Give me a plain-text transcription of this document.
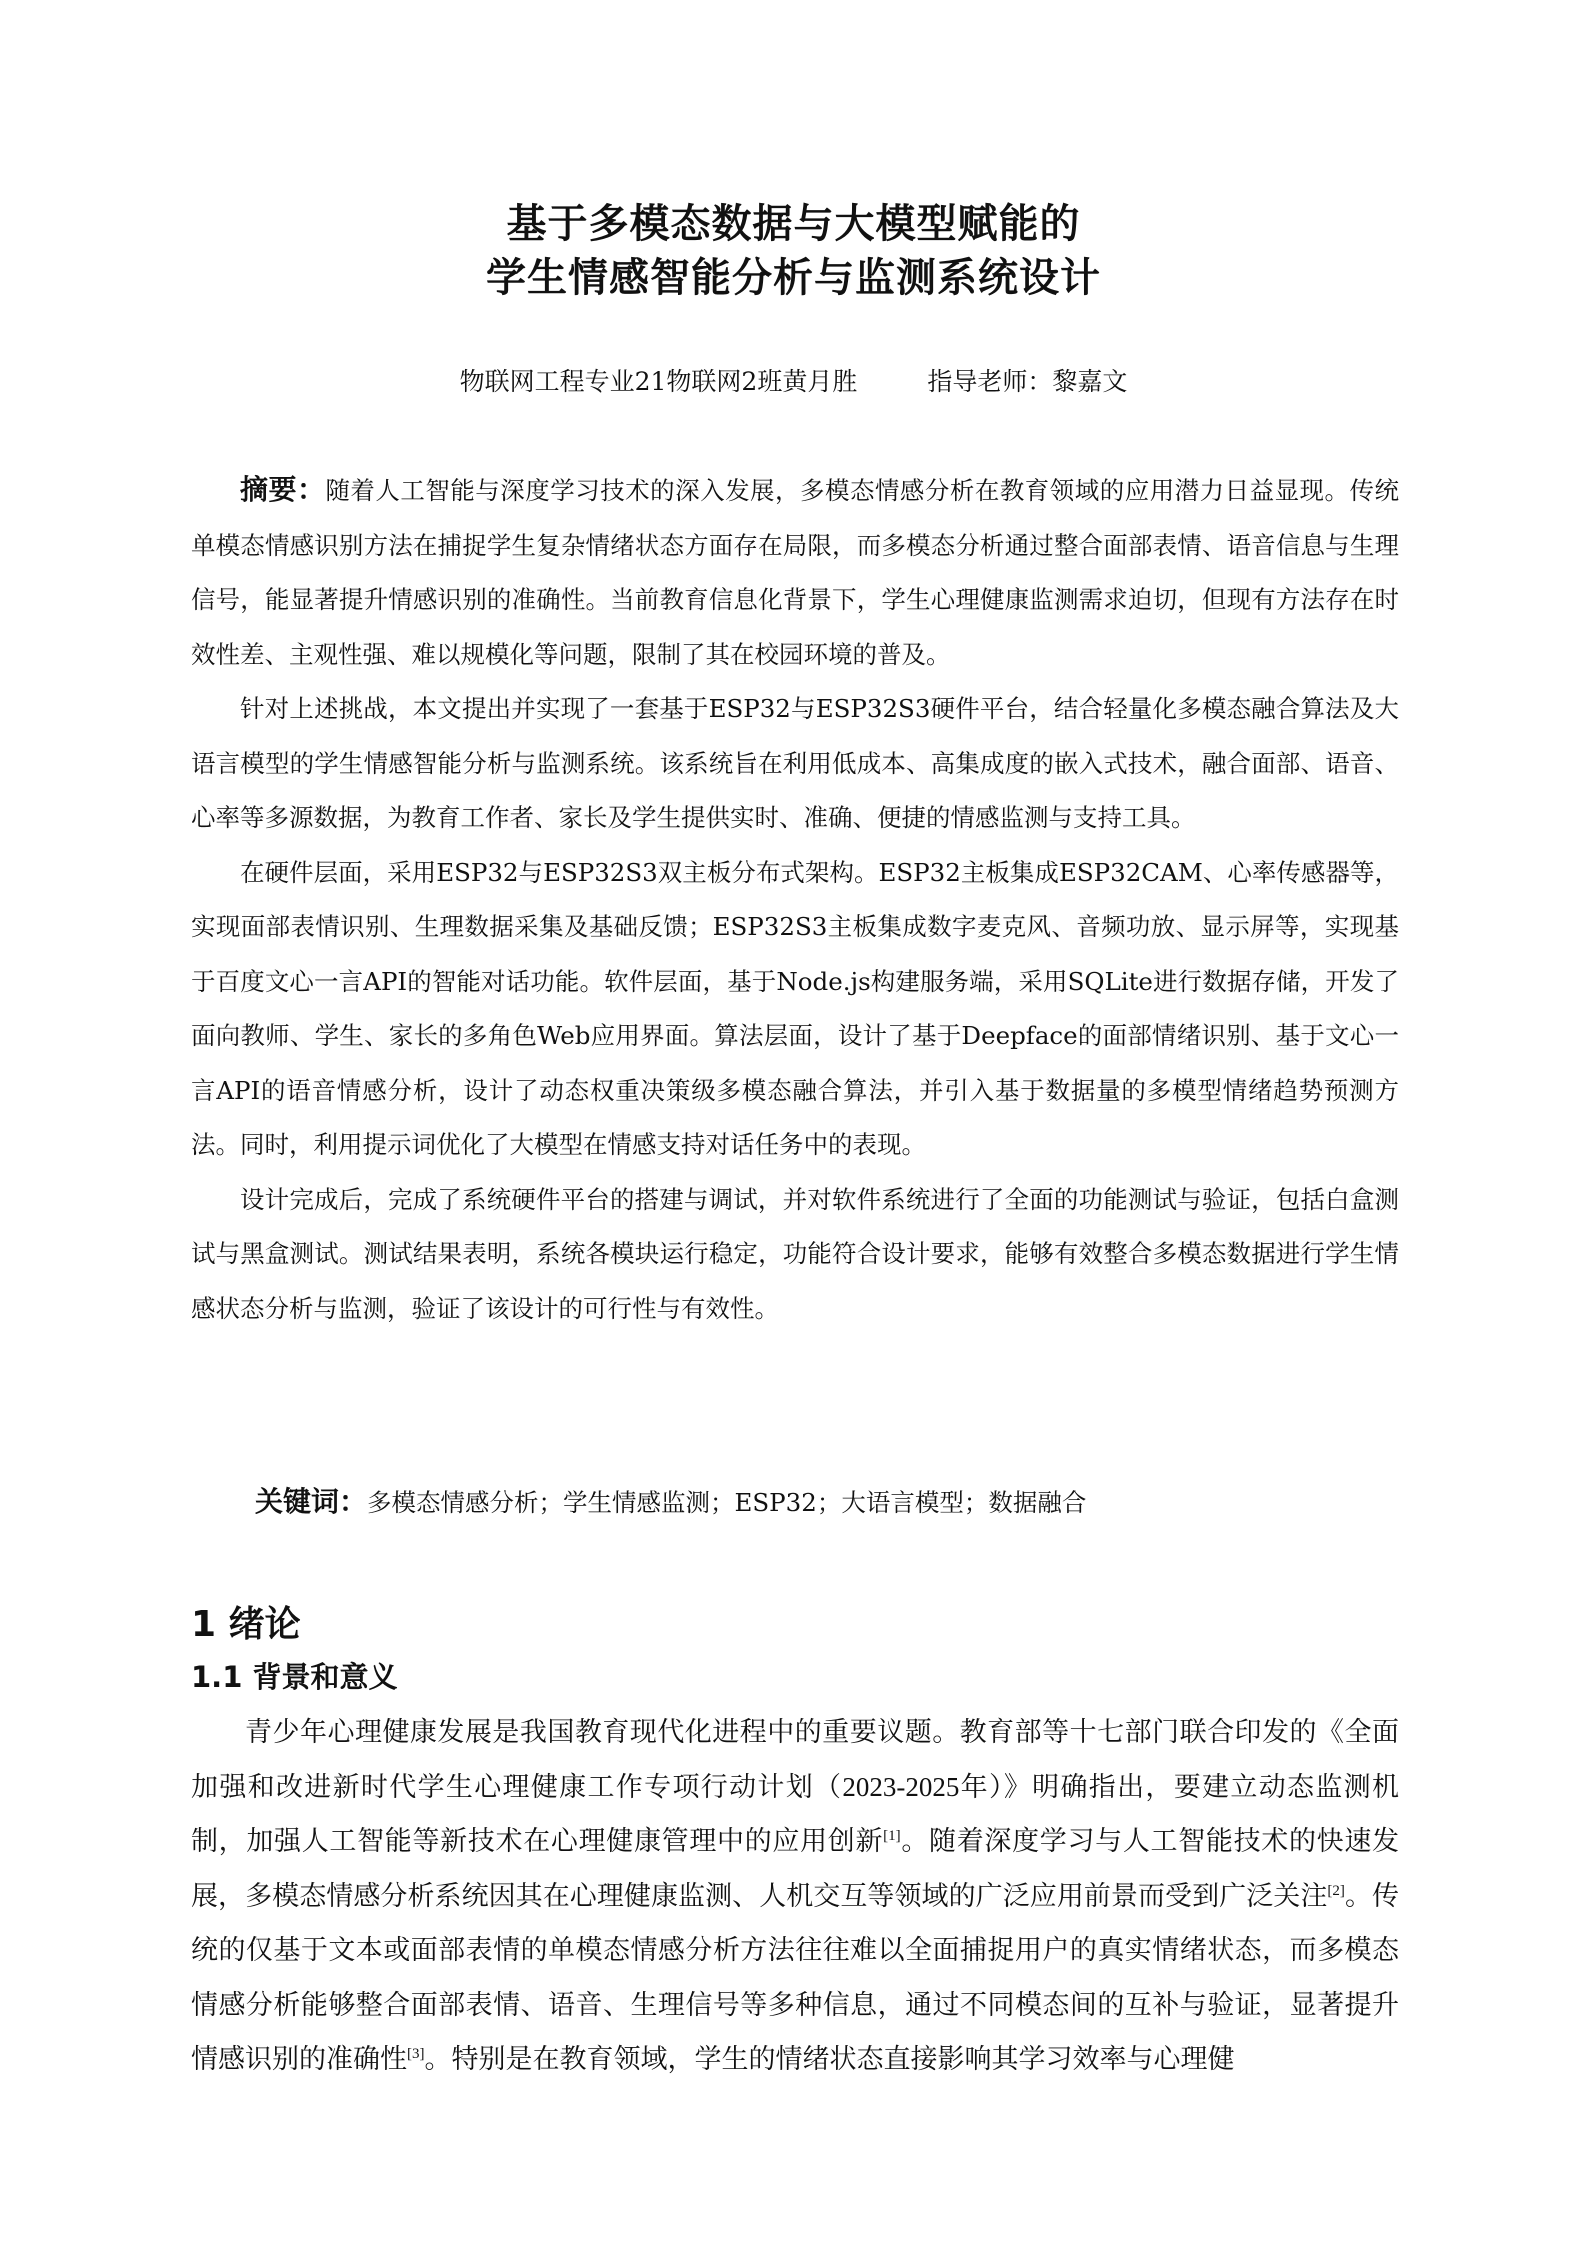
基于多模态数据与大模型赋能的
学生情感智能分析与监测系统设计
物联网工程专业21物联网2班黄月胜	指导老师：黎嘉文

摘要：随着人工智能与深度学习技术的深入发展，多模态情感分析在教育领域的应用潜力日益显现。传统单模态情感识别方法在捕捉学生复杂情绪状态方面存在局限，而多模态分析通过整合面部表情、语音信息与生理信号，能显著提升情感识别的准确性。当前教育信息化背景下，学生心理健康监测需求迫切，但现有方法存在时效性差、主观性强、难以规模化等问题，限制了其在校园环境的普及。

针对上述挑战，本文提出并实现了一套基于ESP32与ESP32S3硬件平台，结合轻量化多模态融合算法及大语言模型的学生情感智能分析与监测系统。该系统旨在利用低成本、高集成度的嵌入式技术，融合面部、语音、心率等多源数据，为教育工作者、家长及学生提供实时、准确、便捷的情感监测与支持工具。

在硬件层面，采用ESP32与ESP32S3双主板分布式架构。ESP32主板集成ESP32CAM、心率传感器等，实现面部表情识别、生理数据采集及基础反馈；ESP32S3主板集成数字麦克风、音频功放、显示屏等，实现基于百度文心一言API的智能对话功能。软件层面，基于Node.js构建服务端，采用SQLite进行数据存储，开发了面向教师、学生、家长的多角色Web应用界面。算法层面，设计了基于Deepface的面部情绪识别、基于文心一言API的语音情感分析，设计了动态权重决策级多模态融合算法，并引入基于数据量的多模型情绪趋势预测方法。同时，利用提示词优化了大模型在情感支持对话任务中的表现。

设计完成后，完成了系统硬件平台的搭建与调试，并对软件系统进行了全面的功能测试与验证，包括白盒测试与黑盒测试。测试结果表明，系统各模块运行稳定，功能符合设计要求，能够有效整合多模态数据进行学生情感状态分析与监测，验证了该设计的可行性与有效性。

关键词：多模态情感分析；学生情感监测；ESP32；大语言模型；数据融合
1 绪论
1.1 背景和意义

青少年心理健康发展是我国教育现代化进程中的重要议题。教育部等十七部门联合印发的《全面加强和改进新时代学生心理健康工作专项行动计划（2023-2025年）》明确指出，要建立动态监测机制，加强人工智能等新技术在心理健康管理中的应用创新[1]。随着深度学习与人工智能技术的快速发展，多模态情感分析系统因其在心理健康监测、人机交互等领域的广泛应用前景而受到广泛关注[2]。传统的仅基于文本或面部表情的单模态情感分析方法往往难以全面捕捉用户的真实情绪状态，而多模态情感分析能够整合面部表情、语音、生理信号等多种信息，通过不同模态间的互补与验证，显著提升情感识别的准确性[3]。特别是在教育领域，学生的情绪状态直接影响其学习效率与心理健
